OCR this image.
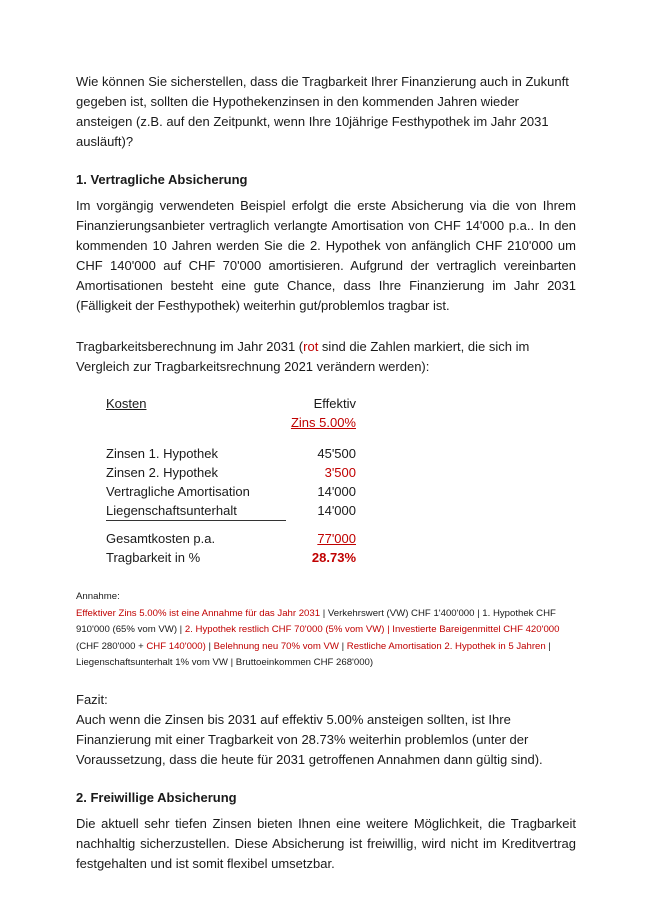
Wie können Sie sicherstellen, dass die Tragbarkeit Ihrer Finanzierung auch in Zukunft gegeben ist, sollten die Hypothekenzinsen in den kommenden Jahren wieder ansteigen (z.B. auf den Zeitpunkt, wenn Ihre 10jährige Festhypothek im Jahr 2031 ausläuft)?

1. Vertragliche Absicherung

Im vorgängig verwendeten Beispiel erfolgt die erste Absicherung via die von Ihrem Finanzierungsanbieter vertraglich verlangte Amortisation von CHF 14'000 p.a.. In den kommenden 10 Jahren werden Sie die 2. Hypothek von anfänglich CHF 210'000 um CHF 140'000 auf CHF 70'000 amortisieren. Aufgrund der vertraglich vereinbarten Amortisationen besteht eine gute Chance, dass Ihre Finanzierung im Jahr 2031 (Fälligkeit der Festhypothek) weiterhin gut/problemlos tragbar ist.

Tragbarkeitsberechnung im Jahr 2031 (rot sind die Zahlen markiert, die sich im Vergleich zur Tragbarkeitsrechnung 2021 verändern werden):

Kosten	Effektiv
	Zins 5.00%

Zinsen 1. Hypothek	45'500
Zinsen 2. Hypothek	3'500
Vertragliche Amortisation	14'000
Liegenschaftsunterhalt	14'000

Gesamtkosten p.a.	77'000
Tragbarkeit in %	28.73%
Annahme:
Effektiver Zins 5.00% ist eine Annahme für das Jahr 2031 | Verkehrswert (VW) CHF 1'400'000 | 1. Hypothek CHF 910'000 (65% vom VW) | 2. Hypothek restlich CHF 70'000 (5% vom VW) | Investierte Bareigenmittel CHF 420'000 (CHF 280'000 + CHF 140'000) | Belehnung neu 70% vom VW | Restliche Amortisation 2. Hypothek in 5 Jahren | Liegenschaftsunterhalt 1% vom VW | Bruttoeinkommen CHF 268'000)

Fazit:

Auch wenn die Zinsen bis 2031 auf effektiv 5.00% ansteigen sollten, ist Ihre Finanzierung mit einer Tragbarkeit von 28.73% weiterhin problemlos (unter der Voraussetzung, dass die heute für 2031 getroffenen Annahmen dann gültig sind).

2. Freiwillige Absicherung

Die aktuell sehr tiefen Zinsen bieten Ihnen eine weitere Möglichkeit, die Tragbarkeit nachhaltig sicherzustellen. Diese Absicherung ist freiwillig, wird nicht im Kreditvertrag festgehalten und ist somit flexibel umsetzbar.
